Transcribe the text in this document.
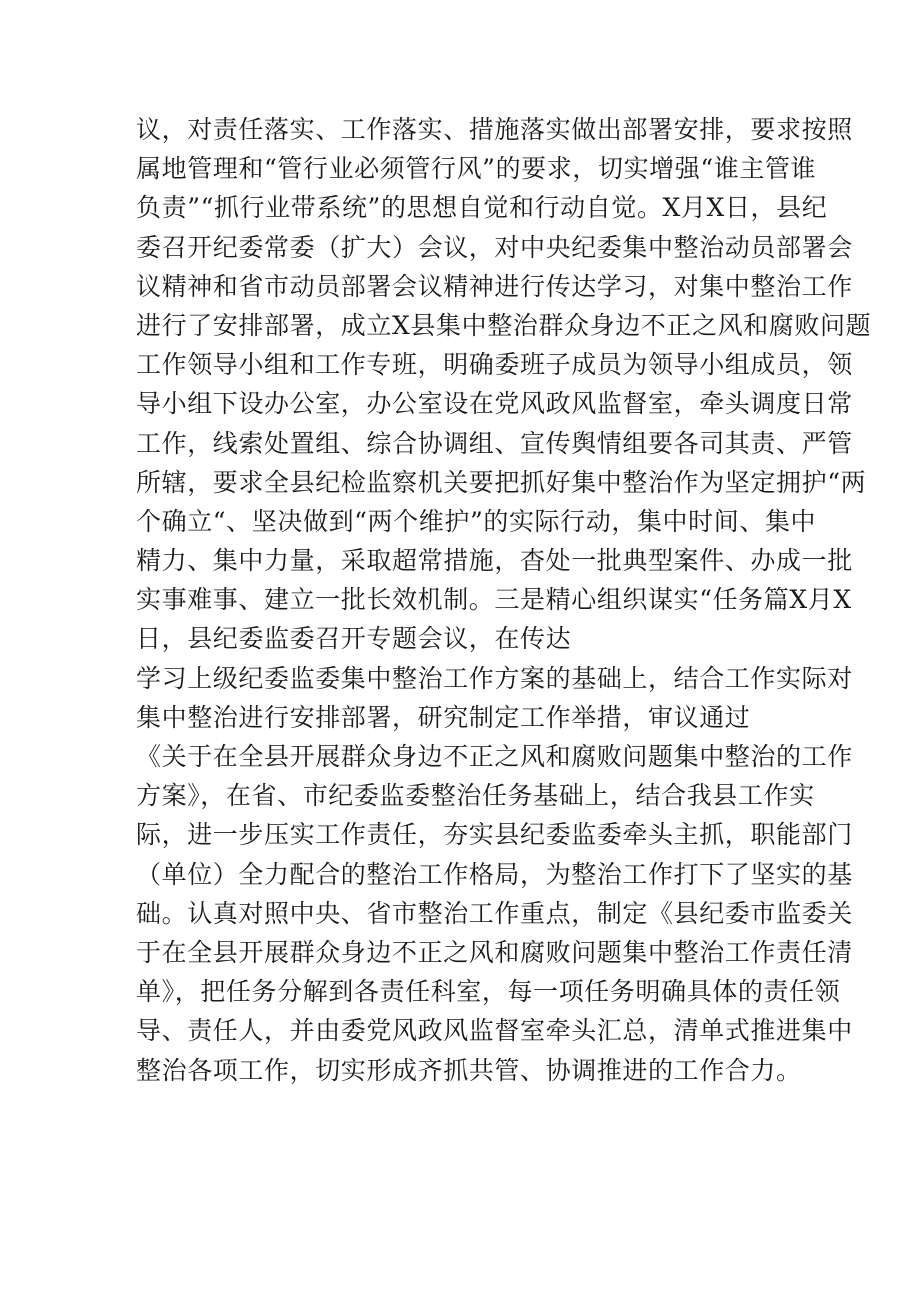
议，对责任落实、工作落实、措施落实做出部署安排，要求按照
属地管理和“管行业必须管行风”的要求，切实增强“谁主管谁
负责”“抓行业带系统”的思想自觉和行动自觉。X月X日，县纪
委召开纪委常委（扩大）会议，对中央纪委集中整治动员部署会
议精神和省市动员部署会议精神进行传达学习，对集中整治工作
进行了安排部署，成立X县集中整治群众身边不正之风和腐败问题
工作领导小组和工作专班，明确委班子成员为领导小组成员，领
导小组下设办公室，办公室设在党风政风监督室，牵头调度日常
工作，线索处置组、综合协调组、宣传舆情组要各司其责、严管
所辖，要求全县纪检监察机关要把抓好集中整治作为坚定拥护“两
个确立“、坚决做到“两个维护”的实际行动，集中时间、集中
精力、集中力量，采取超常措施，杳处一批典型案件、办成一批
实事难事、建立一批长效机制。三是精心组织谋实“任务篇X月X
日，县纪委监委召开专题会议，在传达
学习上级纪委监委集中整治工作方案的基础上，结合工作实际对
集中整治进行安排部署，研究制定工作举措，审议通过
《关于在全县开展群众身边不正之风和腐败问题集中整治的工作
方案》，在省、市纪委监委整治任务基础上，结合我县工作实
际，进一步压实工作责任，夯实县纪委监委牵头主抓，职能部门
（单位）全力配合的整治工作格局，为整治工作打下了坚实的基
础。认真对照中央、省市整治工作重点，制定《县纪委市监委关
于在全县开展群众身边不正之风和腐败问题集中整治工作责任清
单》，把任务分解到各责任科室，每一项任务明确具体的责任领
导、责任人，并由委党风政风监督室牵头汇总，清单式推进集中
整治各项工作，切实形成齐抓共管、协调推进的工作合力。
